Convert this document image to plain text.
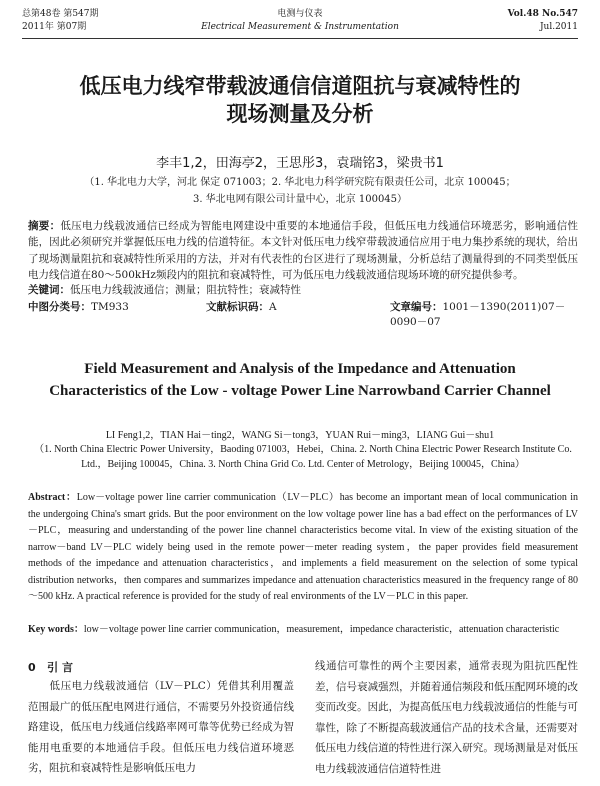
总第48卷 第547期
2011年 第07期
电测与仪表
Electrical Measurement & Instrumentation
Vol.48 No.547
Jul.2011
低压电力线窄带载波通信信道阻抗与衰减特性的
现场测量及分析
李丰1,2，田海亭2，王思彤3，袁瑞铭3，梁贵书1
（1. 华北电力大学，河北 保定 071003；2. 华北电力科学研究院有限责任公司，北京 100045；
3. 华北电网有限公司计量中心，北京 100045）
摘要：低压电力线载波通信已经成为智能电网建设中重要的本地通信手段，但低压电力线通信环境恶劣，影响通信性能，因此必须研究并掌握低压电力线的信道特征。本文针对低压电力线窄带载波通信应用于电力集抄系统的现状，给出了现场测量阻抗和衰减特性所采用的方法，并对有代表性的台区进行了现场测量，分析总结了测量得到的不同类型低压电力线信道在80～500kHz频段内的阻抗和衰减特性，可为低压电力线载波通信现场环境的研究提供参考。
关键词：低压电力线载波通信；测量；阻抗特性；衰减特性
中图分类号：TM933	文献标识码：A	文章编号：1001－1390(2011)07－0090－07
Field Measurement and Analysis of the Impedance and Attenuation
Characteristics of the Low - voltage Power Line Narrowband Carrier Channel
LI Feng1,2，TIAN Hai－ting2，WANG Si－tong3，YUAN Rui－ming3，LIANG Gui－shu1
（1. North China Electric Power University，Baoding 071003，Hebei，China. 2. North China Electric Power Research Institute Co. Ltd.，Beijing 100045，China. 3. North China Grid Co. Ltd. Center of Metrology，Beijing 100045，China）
Abstract：Low－voltage power line carrier communication（LV－PLC）has become an important mean of local communication in the undergoing China's smart grids. But the poor environment on the low voltage power line has a bad effect on the performances of LV－PLC，measuring and understanding of the power line channel characteristics become vital. In view of the existing situation of the narrow－band LV－PLC widely being used in the remote power－meter reading system，the paper provides field measurement methods of the impedance and attenuation characteristics，and implements a field measurement on the selection of some typical distribution networks，then compares and summarizes impedance and attenuation characteristics measured in the frequency range of 80～500 kHz. A practical reference is provided for the study of real environments of the LV－PLC in this paper.
Key words：low－voltage power line carrier communication，measurement，impedance characteristic，attenuation characteristic
0 引 言
低压电力线载波通信（LV－PLC）凭借其利用覆盖范围最广的低压配电网进行通信，不需要另外投资通信线路建设，低压电力线通信线路率网可靠等优势已经成为智能用电重要的本地通信手段。但低压电力线信道环境恶劣，阻抗和衰减特性是影响低压电力
线通信可靠性的两个主要因素，通常表现为阻抗匹配性差，信号衰减强烈，并随着通信频段和低压配网环境的改变而改变。因此，为提高低压电力线载波通信的性能与可靠性，除了不断提高载波通信产品的技术含量，还需要对低压电力线信道的特性进行深入研究。现场测量是对低压电力线载波通信信道特性进
